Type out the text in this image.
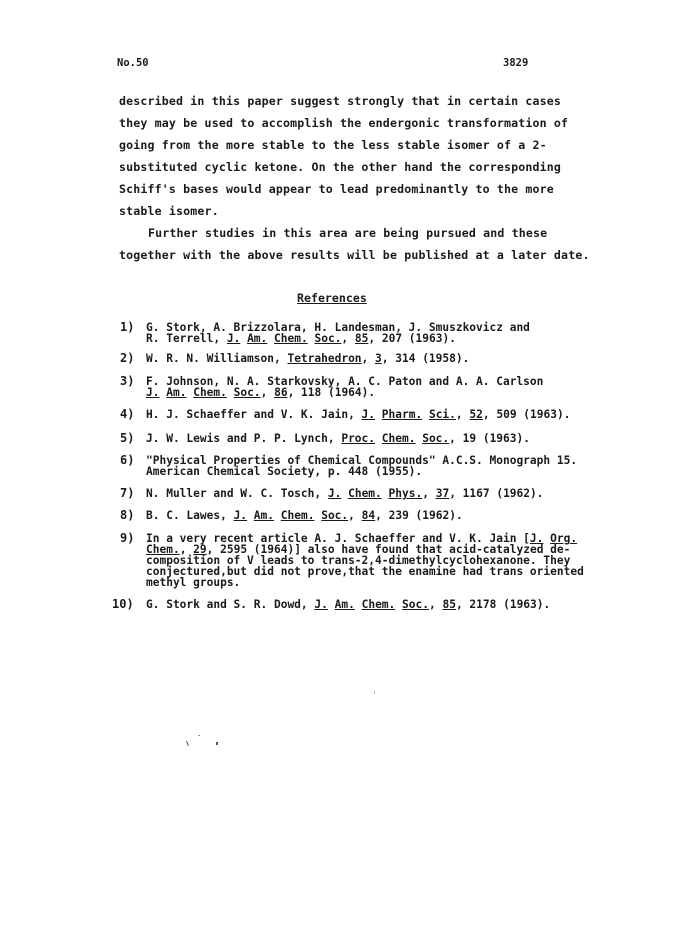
No.50	3829
described in this paper suggest strongly that in certain cases
they may be used to accomplish the endergonic transformation of
going from the more stable to the less stable isomer of a 2-
substituted cyclic ketone. On the other hand the corresponding
Schiff's bases would appear to lead predominantly to the more
stable isomer.
Further studies in this area are being pursued and these
together with the above results will be published at a later date.
References
1) G. Stork, A. Brizzolara, H. Landesman, J. Smuszkovicz and
R. Terrell, J. Am. Chem. Soc., 85, 207 (1963).
2) W. R. N. Williamson, Tetrahedron, 3, 314 (1958).
3) F. Johnson, N. A. Starkovsky, A. C. Paton and A. A. Carlson
J. Am. Chem. Soc., 86, 118 (1964).
4) H. J. Schaeffer and V. K. Jain, J. Pharm. Sci., 52, 509 (1963).
5) J. W. Lewis and P. P. Lynch, Proc. Chem. Soc., 19 (1963).
6) "Physical Properties of Chemical Compounds" A.C.S. Monograph 15.
American Chemical Society, p. 448 (1955).
7) N. Muller and W. C. Tosch, J. Chem. Phys., 37, 1167 (1962).
8) B. C. Lawes, J. Am. Chem. Soc., 84, 239 (1962).
9) In a very recent article A. J. Schaeffer and V. K. Jain [J. Org.
Chem., 29, 2595 (1964)] also have found that acid-catalyzed de-
composition of V leads to trans-2,4-dimethylcyclohexanone. They
conjectured,but did not prove,that the enamine had trans oriented
methyl groups.
10) G. Stork and S. R. Dowd, J. Am. Chem. Soc., 85, 2178 (1963).
